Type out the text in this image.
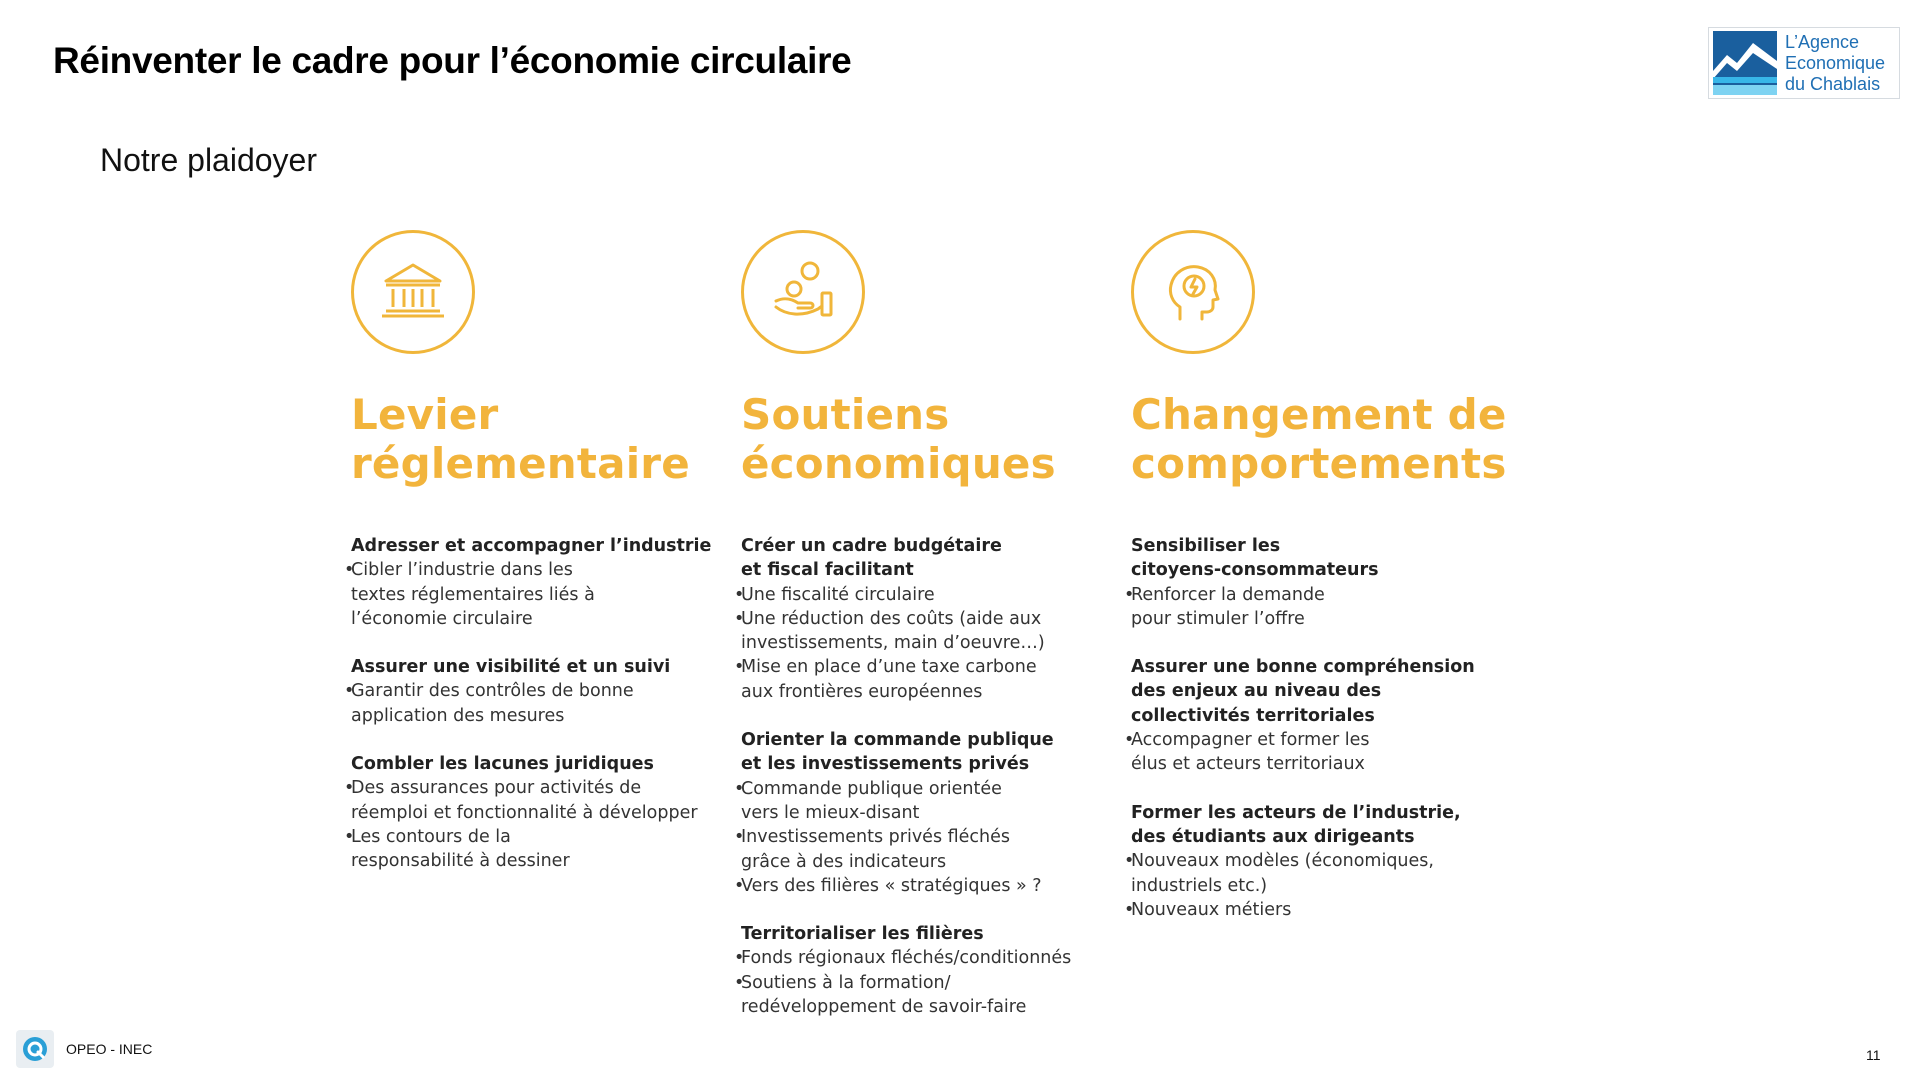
Réinventer le cadre pour l’économie circulaire
Notre plaidoyer
L’Agence
Economique
du Chablais
Levier
réglementaire
Adresser et accompagner l’industrie
• Cibler l’industrie dans les
textes réglementaires liés à
l’économie circulaire
Assurer une visibilité et un suivi
• Garantir des contrôles de bonne
application des mesures
Combler les lacunes juridiques
• Des assurances pour activités de
réemploi et fonctionnalité à développer
• Les contours de la
responsabilité à dessiner
Soutiens
économiques
Créer un cadre budgétaire
et fiscal facilitant
• Une fiscalité circulaire
• Une réduction des coûts (aide aux
investissements, main d’oeuvre…)
• Mise en place d’une taxe carbone
aux frontières européennes
Orienter la commande publique
et les investissements privés
• Commande publique orientée
vers le mieux-disant
• Investissements privés fléchés
grâce à des indicateurs
• Vers des filières « stratégiques » ?
Territorialiser les filières
• Fonds régionaux fléchés/conditionnés
• Soutiens à la formation/
redéveloppement de savoir-faire
Changement de
comportements
Sensibiliser les
citoyens-consommateurs
• Renforcer la demande
pour stimuler l’offre
Assurer une bonne compréhension
des enjeux au niveau des
collectivités territoriales
• Accompagner et former les
élus et acteurs territoriaux
Former les acteurs de l’industrie,
des étudiants aux dirigeants
• Nouveaux modèles (économiques,
industriels etc.)
• Nouveaux métiers
OPEO - INEC	11
